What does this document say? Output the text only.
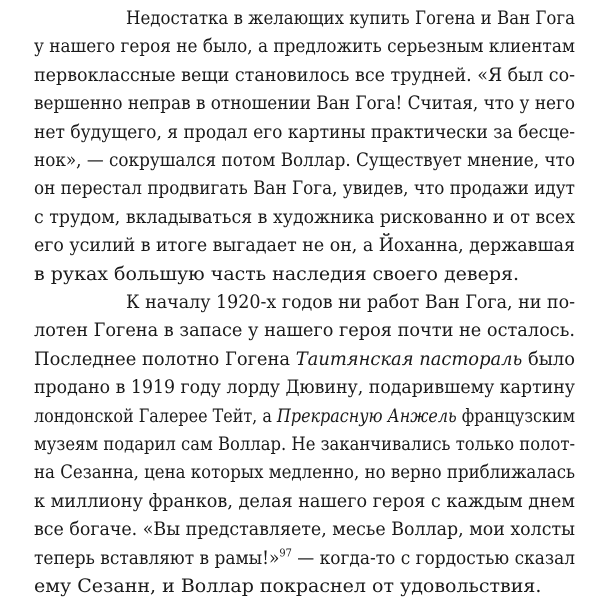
Недостатка в желающих купить Гогена и Ван Гога
у нашего героя не было, а предложить серьезным клиентам
первоклассные вещи становилось все трудней. «Я был со-
вершенно неправ в отношении Ван Гога! Считая, что у него
нет будущего, я продал его картины практически за бесце-
нок», — сокрушался потом Воллар. Существует мнение, что
он перестал продвигать Ван Гога, увидев, что продажи идут
с трудом, вкладываться в художника рискованно и от всех
его усилий в итоге выгадает не он, а Йоханна, державшая
в руках большую часть наследия своего деверя.
К началу 1920-х годов ни работ Ван Гога, ни по-
лотен Гогена в запасе у нашего героя почти не осталось.
Последнее полотно Гогена Таитянская пастораль было
продано в 1919 году лорду Дювину, подарившему картину
лондонской Галерее Тейт, а Прекрасную Анжель французским
музеям подарил сам Воллар. Не заканчивались только полот-
на Сезанна, цена которых медленно, но верно приближалась
к миллиону франков, делая нашего героя с каждым днем
все богаче. «Вы представляете, месье Воллар, мои холсты
теперь вставляют в рамы!»$^{97}$ — когда-то с гордостью сказал
ему Сезанн, и Воллар покраснел от удовольствия.
